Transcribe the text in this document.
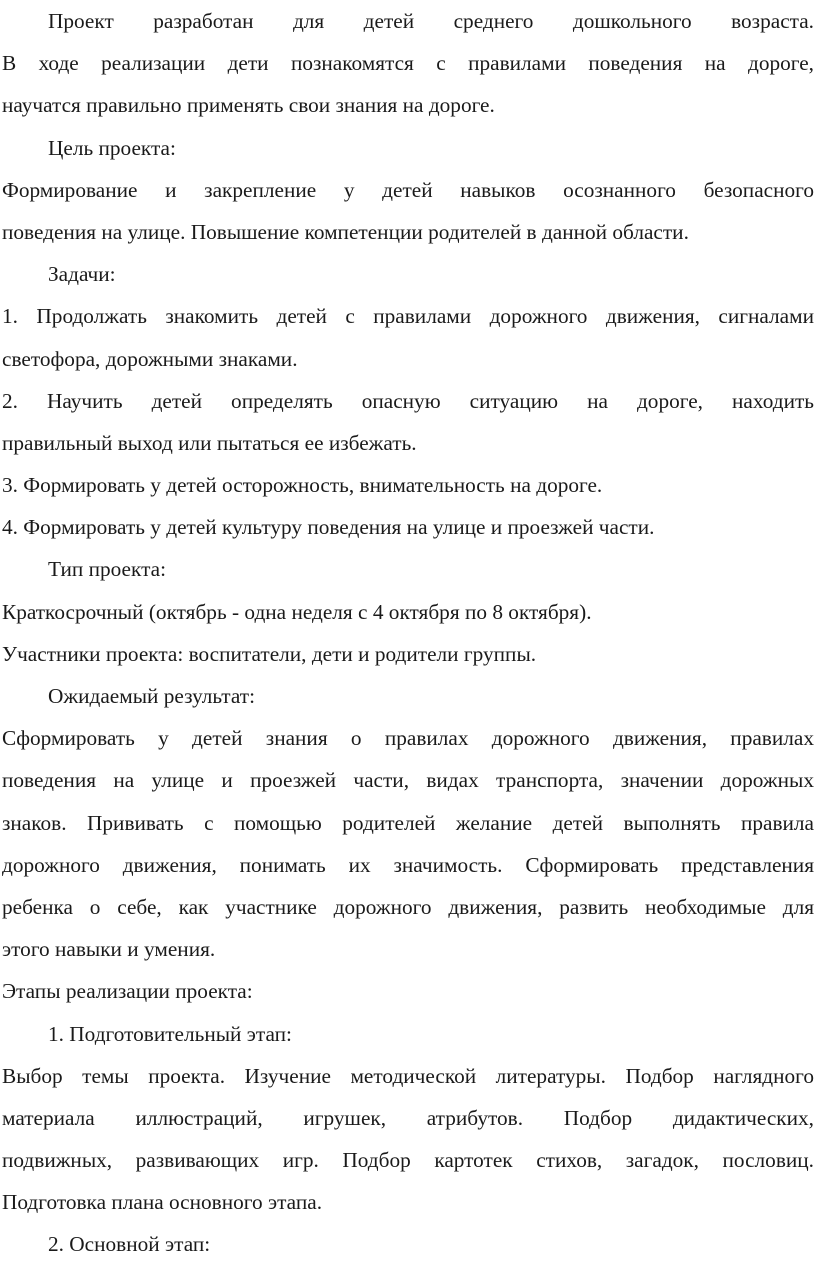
Проект разработан для детей среднего дошкольного возраста.
В ходе реализации дети познакомятся с правилами поведения на дороге,
научатся правильно применять свои знания на дороге.
Цель проекта:
Формирование и закрепление у детей навыков осознанного безопасного
поведения на улице. Повышение компетенции родителей в данной области.
Задачи:
1. Продолжать знакомить детей с правилами дорожного движения, сигналами
светофора, дорожными знаками.
2. Научить детей определять опасную ситуацию на дороге, находить
правильный выход или пытаться ее избежать.
3. Формировать у детей осторожность, внимательность на дороге.
4. Формировать у детей культуру поведения на улице и проезжей части.
Тип проекта:
Краткосрочный (октябрь - одна неделя с 4 октября по 8 октября).
Участники проекта: воспитатели, дети и родители группы.
Ожидаемый результат:
Сформировать у детей знания о правилах дорожного движения, правилах
поведения на улице и проезжей части, видах транспорта, значении дорожных
знаков. Прививать с помощью родителей желание детей выполнять правила
дорожного движения, понимать их значимость. Сформировать представления
ребенка о себе, как участнике дорожного движения, развить необходимые для
этого навыки и умения.
Этапы реализации проекта:
1. Подготовительный этап:
Выбор темы проекта. Изучение методической литературы. Подбор наглядного
материала иллюстраций, игрушек, атрибутов. Подбор дидактических,
подвижных, развивающих игр. Подбор картотек стихов, загадок, пословиц.
Подготовка плана основного этапа.
2. Основной этап:
